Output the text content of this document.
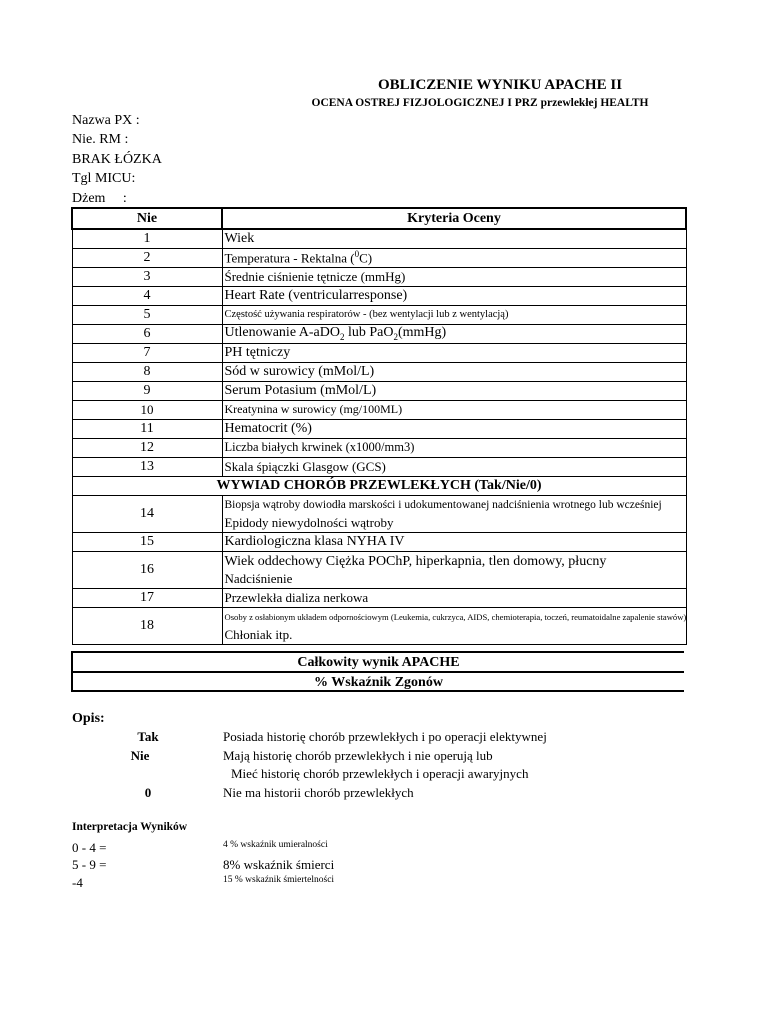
OBLICZENIE WYNIKU APACHE II
OCENA OSTREJ FIZJOLOGICZNEJ I PRZ przewlekłej HEALTH
Nazwa PX :
Nie. RM :
BRAK ŁÓZKA
Tgl MICU:
Dżem     :
Nie	Kryteria Oceny
1	Wiek
2	Temperatura - Rektalna ($^0$C)
3	Średnie ciśnienie tętnicze (mmHg)
4	Heart Rate (ventricularresponse)
5	Częstość używania respiratorów - (bez wentylacji lub z wentylacją)
6	Utlenowanie A-aDO$_2$ lub PaO$_2$(mmHg)
7	PH tętniczy
8	Sód w surowicy (mMol/L)
9	Serum Potasium (mMol/L)
10	Kreatynina w surowicy (mg/100ML)
11	Hematocrit (%)
12	Liczba białych krwinek (x1000/mm3)
13	Skala śpiączki Glasgow (GCS)
WYWIAD CHORÓB PRZEWLEKŁYCH (Tak/Nie/0)	
14	Biopsja wątroby dowiodła marskości i udokumentowanej nadciśnienia wrotnego lub wcześniej
Epidody niewydolności wątroby

15	Kardiologiczna klasa NYHA IV
16	Wiek oddechowy Ciężka POChP, hiperkapnia, tlen domowy, płucny
Nadciśnienie

17	Przewlekła dializa nerkowa
18	Osoby z osłabionym układem odpornościowym (Leukemia, cukrzyca, AIDS, chemioterapia, toczeń, reumatoidalne zapalenie stawów)
Chłoniak itp.
Całkowity wynik APACHE
% Wskaźnik Zgonów
Opis:
Tak	Posiada historię chorób przewlekłych i po operacji elektywnej
Nie	Mają historię chorób przewlekłych i nie operują lub
Mieć historię chorób przewlekłych i operacji awaryjnych
0	Nie ma historii chorób przewlekłych
Interpretacja Wyników
0 - 4 =	4 % wskaźnik umieralności
5 - 9 =	8% wskaźnik śmierci
-4	15 % wskaźnik śmiertelności
